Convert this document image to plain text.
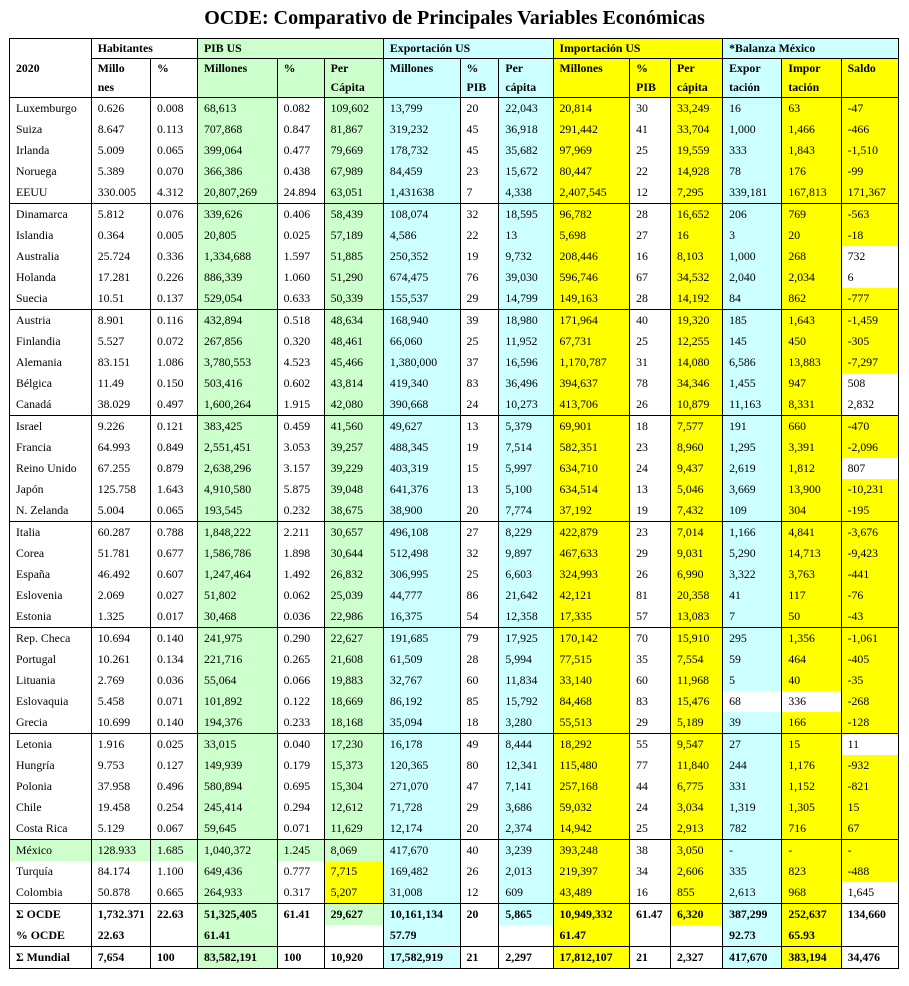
OCDE: Comparativo de Principales Variables Económicas
2020	Habitantes		PIB US			Exportación US			Importación US			*Balanza México		
	Millo	%	Millones	%	Per	Millones	%	Per	Millones	%	Per	Expor	Impor	Saldo
	nes				Cápita		PIB	cápita		PIB	cápita	tación	tación	
Luxemburgo	0.626	0.008	68,613	0.082	109,602	13,799	20	22,043	20,814	30	33,249	16	63	-47
Suiza	8.647	0.113	707,868	0.847	81,867	319,232	45	36,918	291,442	41	33,704	1,000	1,466	-466
Irlanda	5.009	0.065	399,064	0.477	79,669	178,732	45	35,682	97,969	25	19,559	333	1,843	-1,510
Noruega	5.389	0.070	366,386	0.438	67,989	84,459	23	15,672	80,447	22	14,928	78	176	-99
EEUU	330.005	4.312	20,807,269	24.894	63,051	1,431638	7	4,338	2,407,545	12	7,295	339,181	167,813	171,367
Dinamarca	5.812	0.076	339,626	0.406	58,439	108,074	32	18,595	96,782	28	16,652	206	769	-563
Islandia	0.364	0.005	20,805	0.025	57,189	4,586	22	13	5,698	27	16	3	20	-18
Australia	25.724	0.336	1,334,688	1.597	51,885	250,352	19	9,732	208,446	16	8,103	1,000	268	732
Holanda	17.281	0.226	886,339	1.060	51,290	674,475	76	39,030	596,746	67	34,532	2,040	2,034	6
Suecia	10.51	0.137	529,054	0.633	50,339	155,537	29	14,799	149,163	28	14,192	84	862	-777
Austria	8.901	0.116	432,894	0.518	48,634	168,940	39	18,980	171,964	40	19,320	185	1,643	-1,459
Finlandia	5.527	0.072	267,856	0.320	48,461	66,060	25	11,952	67,731	25	12,255	145	450	-305
Alemania	83.151	1.086	3,780,553	4.523	45,466	1,380,000	37	16,596	1,170,787	31	14,080	6,586	13,883	-7,297
Bélgica	11.49	0.150	503,416	0.602	43,814	419,340	83	36,496	394,637	78	34,346	1,455	947	508
Canadá	38.029	0.497	1,600,264	1.915	42,080	390,668	24	10,273	413,706	26	10,879	11,163	8,331	2,832
Israel	9.226	0.121	383,425	0.459	41,560	49,627	13	5,379	69,901	18	7,577	191	660	-470
Francia	64.993	0.849	2,551,451	3.053	39,257	488,345	19	7,514	582,351	23	8,960	1,295	3,391	-2,096
Reino Unido	67.255	0.879	2,638,296	3.157	39,229	403,319	15	5,997	634,710	24	9,437	2,619	1,812	807
Japón	125.758	1.643	4,910,580	5.875	39,048	641,376	13	5,100	634,514	13	5,046	3,669	13,900	-10,231
N. Zelanda	5.004	0.065	193,545	0.232	38,675	38,900	20	7,774	37,192	19	7,432	109	304	-195
Italia	60.287	0.788	1,848,222	2.211	30,657	496,108	27	8,229	422,879	23	7,014	1,166	4,841	-3,676
Corea	51.781	0.677	1,586,786	1.898	30,644	512,498	32	9,897	467,633	29	9,031	5,290	14,713	-9,423
España	46.492	0.607	1,247,464	1.492	26,832	306,995	25	6,603	324,993	26	6,990	3,322	3,763	-441
Eslovenia	2.069	0.027	51,802	0.062	25,039	44,777	86	21,642	42,121	81	20,358	41	117	-76
Estonia	1.325	0.017	30,468	0.036	22,986	16,375	54	12,358	17,335	57	13,083	7	50	-43
Rep. Checa	10.694	0.140	241,975	0.290	22,627	191,685	79	17,925	170,142	70	15,910	295	1,356	-1,061
Portugal	10.261	0.134	221,716	0.265	21,608	61,509	28	5,994	77,515	35	7,554	59	464	-405
Lituania	2.769	0.036	55,064	0.066	19,883	32,767	60	11,834	33,140	60	11,968	5	40	-35
Eslovaquia	5.458	0.071	101,892	0.122	18,669	86,192	85	15,792	84,468	83	15,476	68	336	-268
Grecia	10.699	0.140	194,376	0.233	18,168	35,094	18	3,280	55,513	29	5,189	39	166	-128
Letonia	1.916	0.025	33,015	0.040	17,230	16,178	49	8,444	18,292	55	9,547	27	15	11
Hungría	9.753	0.127	149,939	0.179	15,373	120,365	80	12,341	115,480	77	11,840	244	1,176	-932
Polonia	37.958	0.496	580,894	0.695	15,304	271,070	47	7,141	257,168	44	6,775	331	1,152	-821
Chile	19.458	0.254	245,414	0.294	12,612	71,728	29	3,686	59,032	24	3,034	1,319	1,305	15
Costa Rica	5.129	0.067	59,645	0.071	11,629	12,174	20	2,374	14,942	25	2,913	782	716	67
México	128.933	1.685	1,040,372	1.245	8,069	417,670	40	3,239	393,248	38	3,050	-	-	-
Turquía	84.174	1.100	649,436	0.777	7,715	169,482	26	2,013	219,397	34	2,606	335	823	-488
Colombia	50.878	0.665	264,933	0.317	5,207	31,008	12	609	43,489	16	855	2,613	968	1,645
Σ OCDE	1,732.371	22.63	51,325,405	61.41	29,627	10,161,134	20	5,865	10,949,332	61.47	6,320	387,299	252,637	134,660
% OCDE	22.63		61.41			57.79			61.47			92.73	65.93	
Σ Mundial	7,654	100	83,582,191	100	10,920	17,582,919	21	2,297	17,812,107	21	2,327	417,670	383,194	34,476
